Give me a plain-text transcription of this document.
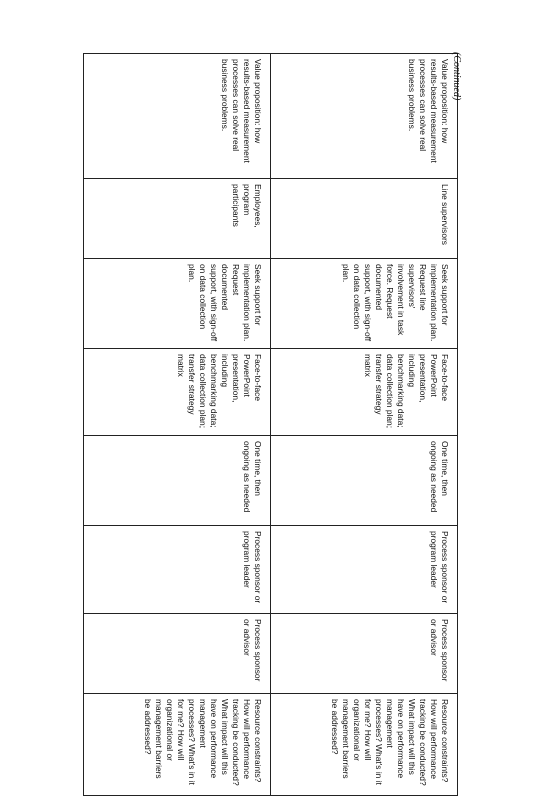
Value proposition: how results-based measurement processes can solve real business problems.	Line supervisors	Seek support for implementation plan. Request line supervisors' involvement in task force. Request documented support, with sign-off on data collection plan.	Face-to-face PowerPoint presentation, including benchmarking data; data collection plan; transfer strategy matrix	One time, then ongoing as needed	Process sponsor or program leader	Process sponsor or advisor	Resource constraints? How will performance tracking be conducted? What impact will this have on performance management processes? What's in it for me? How will organizational or management barriers be addressed?
Value proposition: how results-based measurement processes can solve real business problems.	Employees, program participants	Seek support for implementation plan. Request documented support, with sign-off on data collection plan.	Face-to-face PowerPoint presentation, including benchmarking data; data collection plan; transfer strategy matrix	One time, then ongoing as needed	Process sponsor or program leader	Process sponsor or advisor	Resource constraints? How will performance tracking be conducted? What impact will this have on performance management processes? What's in it for me? How will organizational or management barriers be addressed?
(Continued)
